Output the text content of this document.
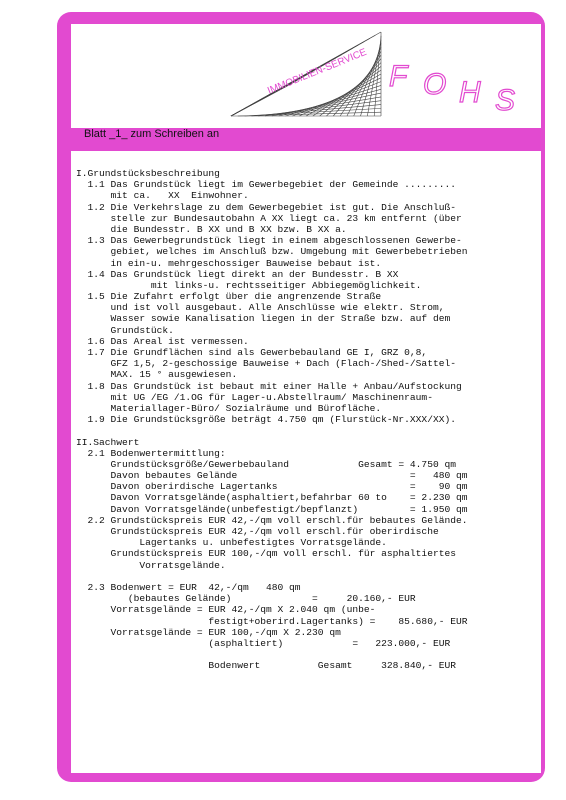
IMMOBILIEN-SERVICE F O H S
Blatt _1_ zum Schreiben an
I.Grundstücksbeschreibung
1.1 Das Grundstück liegt im Gewerbegebiet der Gemeinde .........
mit ca.   XX  Einwohner.
1.2 Die Verkehrslage zu dem Gewerbegebiet ist gut. Die Anschluß-
stelle zur Bundesautobahn A XX liegt ca. 23 km entfernt (über
die Bundesstr. B XX und B XX bzw. B XX a.
1.3 Das Gewerbegrundstück liegt in einem abgeschlossenen Gewerbe-
gebiet, welches im Anschluß bzw. Umgebung mit Gewerbebetrieben
in ein-u. mehrgeschossiger Bauweise bebaut ist.
1.4 Das Grundstück liegt direkt an der Bundesstr. B XX
mit links-u. rechtsseitiger Abbiegemöglichkeit.
1.5 Die Zufahrt erfolgt über die angrenzende Straße
und ist voll ausgebaut. Alle Anschlüsse wie elektr. Strom,
Wasser sowie Kanalisation liegen in der Straße bzw. auf dem
Grundstück.
1.6 Das Areal ist vermessen.
1.7 Die Grundflächen sind als Gewerbebauland GE I, GRZ 0,8,
GFZ 1,5, 2-geschossige Bauweise + Dach (Flach-/Shed-/Sattel-
MAX. 15 ° ausgewiesen.
1.8 Das Grundstück ist bebaut mit einer Halle + Anbau/Aufstockung
mit UG /EG /1.OG für Lager-u.Abstellraum/ Maschinenraum-
Materiallager-Büro/ Sozialräume und Bürofläche.
1.9 Die Grundstücksgröße beträgt 4.750 qm (Flurstück-Nr.XXX/XX).
II.Sachwert
2.1 Bodenwertermittlung:
Grundstücksgröße/Gewerbebauland            Gesamt = 4.750 qm
Davon bebautes Gelände                              =   480 qm
Davon oberirdische Lagertanks                       =    90 qm
Davon Vorratsgelände(asphaltiert,befahrbar 60 to    = 2.230 qm
Davon Vorratsgelände(unbefestigt/bepflanzt)         = 1.950 qm
2.2 Grundstückspreis EUR 42,-/qm voll erschl.für bebautes Gelände.
Grundstückspreis EUR 42,-/qm voll erschl.für oberirdische
Lagertanks u. unbefestigtes Vorratsgelände.
Grundstückspreis EUR 100,-/qm voll erschl. für asphaltiertes
Vorratsgelände.
2.3 Bodenwert = EUR  42,-/qm   480 qm
(bebautes Gelände)              =     20.160,- EUR
Vorratsgelände = EUR 42,-/qm X 2.040 qm (unbe-
festigt+oberird.Lagertanks) =    85.680,- EUR
Vorratsgelände = EUR 100,-/qm X 2.230 qm
(asphaltiert)            =   223.000,- EUR
Bodenwert          Gesamt     328.840,- EUR
